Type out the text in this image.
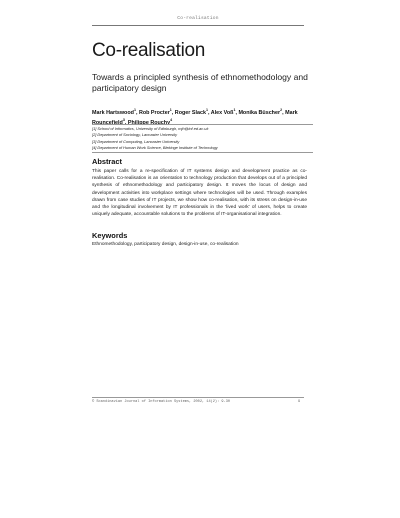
Co-realisation
Co-realisation
Towards a principled synthesis of ethnomethodology and participatory design
Mark Hartswood$^1$, Rob Procter$^1$, Roger Slack$^1$, Alex Voß$^1$, Monika Büscher$^2$, Mark Rouncefield$^3$, Philippe Rouchy$^4$
[1] School of Informatics, University of Edinburgh, mjh@inf.ed.ac.uk
[2] Department of Sociology, Lancaster University
[3] Department of Computing, Lancaster University
[4] Department of Human Work Science, Blekinge Institute of Technology
Abstract
This paper calls for a re-specification of IT systems design and development practice as co-realisation. Co-realisation is an orientation to technology production that develops out of a principled synthesis of ethnomethodology and participatory design. It moves the locus of design and development activities into workplace settings where technologies will be used. Through examples drawn from case studies of IT projects, we show how co-realisation, with its stress on design-in-use and the longitudinal involvement by IT professionals in the 'lived work' of users, helps to create uniquely adequate, accountable solutions to the problems of IT-organisational integration.
Keywords
Ethnomethodology, participatory design, design-in-use, co-realisation
© Scandinavian Journal of Information Systems, 2002, 14(2): 9-30	9
